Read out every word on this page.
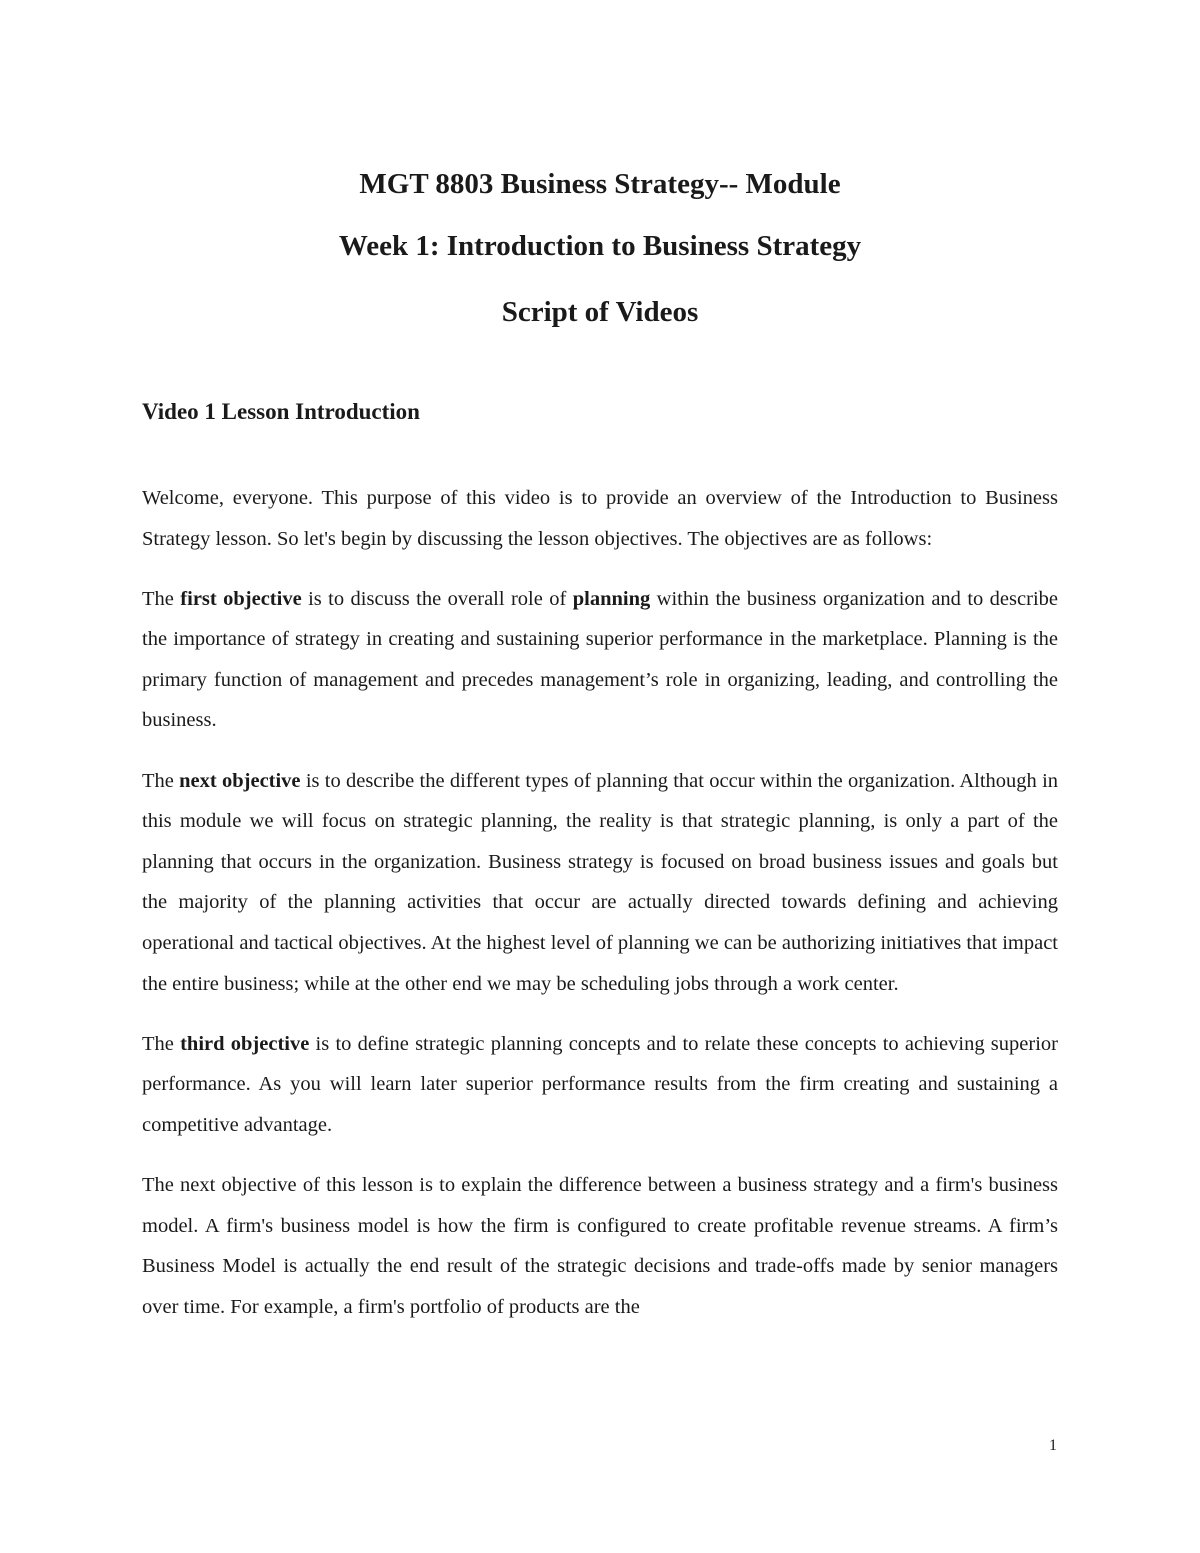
MGT 8803 Business Strategy-- Module

Week 1: Introduction to Business Strategy

Script of Videos

Video 1 Lesson Introduction

Welcome, everyone. This purpose of this video is to provide an overview of the Introduction to Business Strategy lesson. So let's begin by discussing the lesson objectives. The objectives are as follows:

The first objective is to discuss the overall role of planning within the business organization and to describe the importance of strategy in creating and sustaining superior performance in the marketplace. Planning is the primary function of management and precedes management’s role in organizing, leading, and controlling the business.

The next objective is to describe the different types of planning that occur within the organization. Although in this module we will focus on strategic planning, the reality is that strategic planning, is only a part of the planning that occurs in the organization. Business strategy is focused on broad business issues and goals but the majority of the planning activities that occur are actually directed towards defining and achieving operational and tactical objectives. At the highest level of planning we can be authorizing initiatives that impact the entire business; while at the other end we may be scheduling jobs through a work center.

The third objective is to define strategic planning concepts and to relate these concepts to achieving superior performance. As you will learn later superior performance results from the firm creating and sustaining a competitive advantage.

The next objective of this lesson is to explain the difference between a business strategy and a firm's business model. A firm's business model is how the firm is configured to create profitable revenue streams. A firm’s Business Model is actually the end result of the strategic decisions and trade-offs made by senior managers over time. For example, a firm's portfolio of products are the

1
